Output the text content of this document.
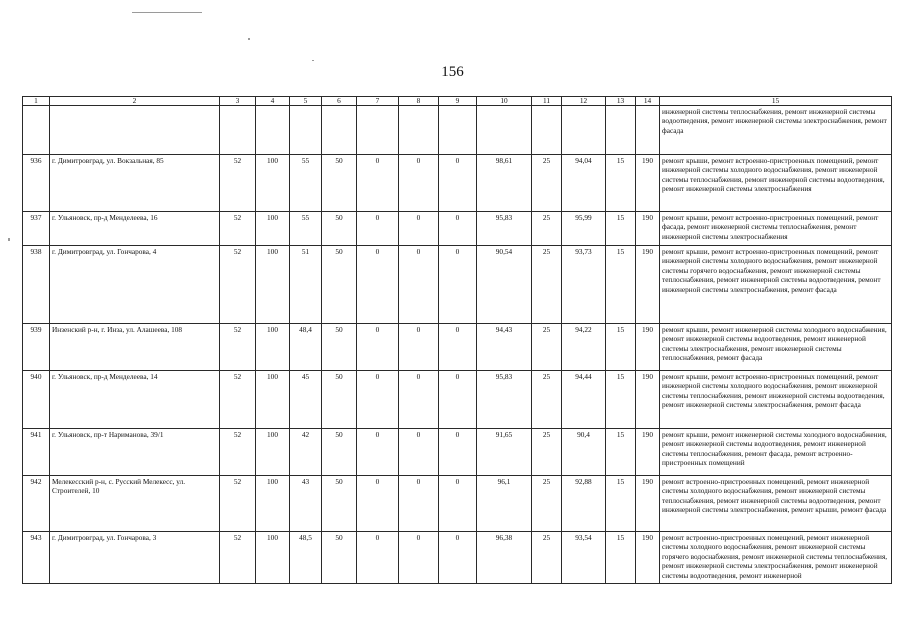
156
1	2	3	4	5	6	7	8	9	10	11	12	13	14	15
														инженерной системы теплоснабжения, ремонт инженерной системы водоотведения, ремонт инженерной системы электроснабжения, ремонт фасада
936	г. Димитровград, ул. Вокзальная, 85	52	100	55	50	0	0	0	98,61	25	94,04	15	190	ремонт крыши, ремонт встроенно-пристроенных помещений, ремонт инженерной системы холодного водоснабжения, ремонт инженерной системы теплоснабжения, ремонт инженерной системы водоотведения, ремонт инженерной системы электроснабжения
937	г. Ульяновск, пр-д Менделеева, 16	52	100	55	50	0	0	0	95,83	25	95,99	15	190	ремонт крыши, ремонт встроенно-пристроенных помещений, ремонт фасада, ремонт инженерной системы теплоснабжения, ремонт инженерной системы электроснабжения
938	г. Димитровград, ул. Гончарова, 4	52	100	51	50	0	0	0	90,54	25	93,73	15	190	ремонт крыши, ремонт встроенно-пристроенных помещений, ремонт инженерной системы холодного водоснабжения, ремонт инженерной системы горячего водоснабжения, ремонт инженерной системы теплоснабжения, ремонт инженерной системы водоотведения, ремонт инженерной системы электроснабжения, ремонт фасада
939	Инзенский р-н, г. Инза, ул. Алашеева, 108	52	100	48,4	50	0	0	0	94,43	25	94,22	15	190	ремонт крыши, ремонт инженерной системы холодного водоснабжения, ремонт инженерной системы водоотведения, ремонт инженерной системы электроснабжения, ремонт инженерной системы теплоснабжения, ремонт фасада
940	г. Ульяновск, пр-д Менделеева, 14	52	100	45	50	0	0	0	95,83	25	94,44	15	190	ремонт крыши, ремонт встроенно-пристроенных помещений, ремонт инженерной системы холодного водоснабжения, ремонт инженерной системы теплоснабжения, ремонт инженерной системы водоотведения, ремонт инженерной системы электроснабжения, ремонт фасада
941	г. Ульяновск, пр-т Нариманова, 39/1	52	100	42	50	0	0	0	91,65	25	90,4	15	190	ремонт крыши, ремонт инженерной системы холодного водоснабжения, ремонт инженерной системы водоотведения, ремонт инженерной системы теплоснабжения, ремонт фасада, ремонт встроенно-пристроенных помещений
942	Мелекесский р-н, с. Русский Мелекесс, ул. Строителей, 10	52	100	43	50	0	0	0	96,1	25	92,88	15	190	ремонт встроенно-пристроенных помещений, ремонт инженерной системы холодного водоснабжения, ремонт инженерной системы теплоснабжения, ремонт инженерной системы водоотведения, ремонт инженерной системы электроснабжения, ремонт крыши, ремонт фасада
943	г. Димитровград, ул. Гончарова, 3	52	100	48,5	50	0	0	0	96,38	25	93,54	15	190	ремонт встроенно-пристроенных помещений, ремонт инженерной системы холодного водоснабжения, ремонт инженерной системы горячего водоснабжения, ремонт инженерной системы теплоснабжения, ремонт инженерной системы электроснабжения, ремонт инженерной системы водоотведения, ремонт инженерной
